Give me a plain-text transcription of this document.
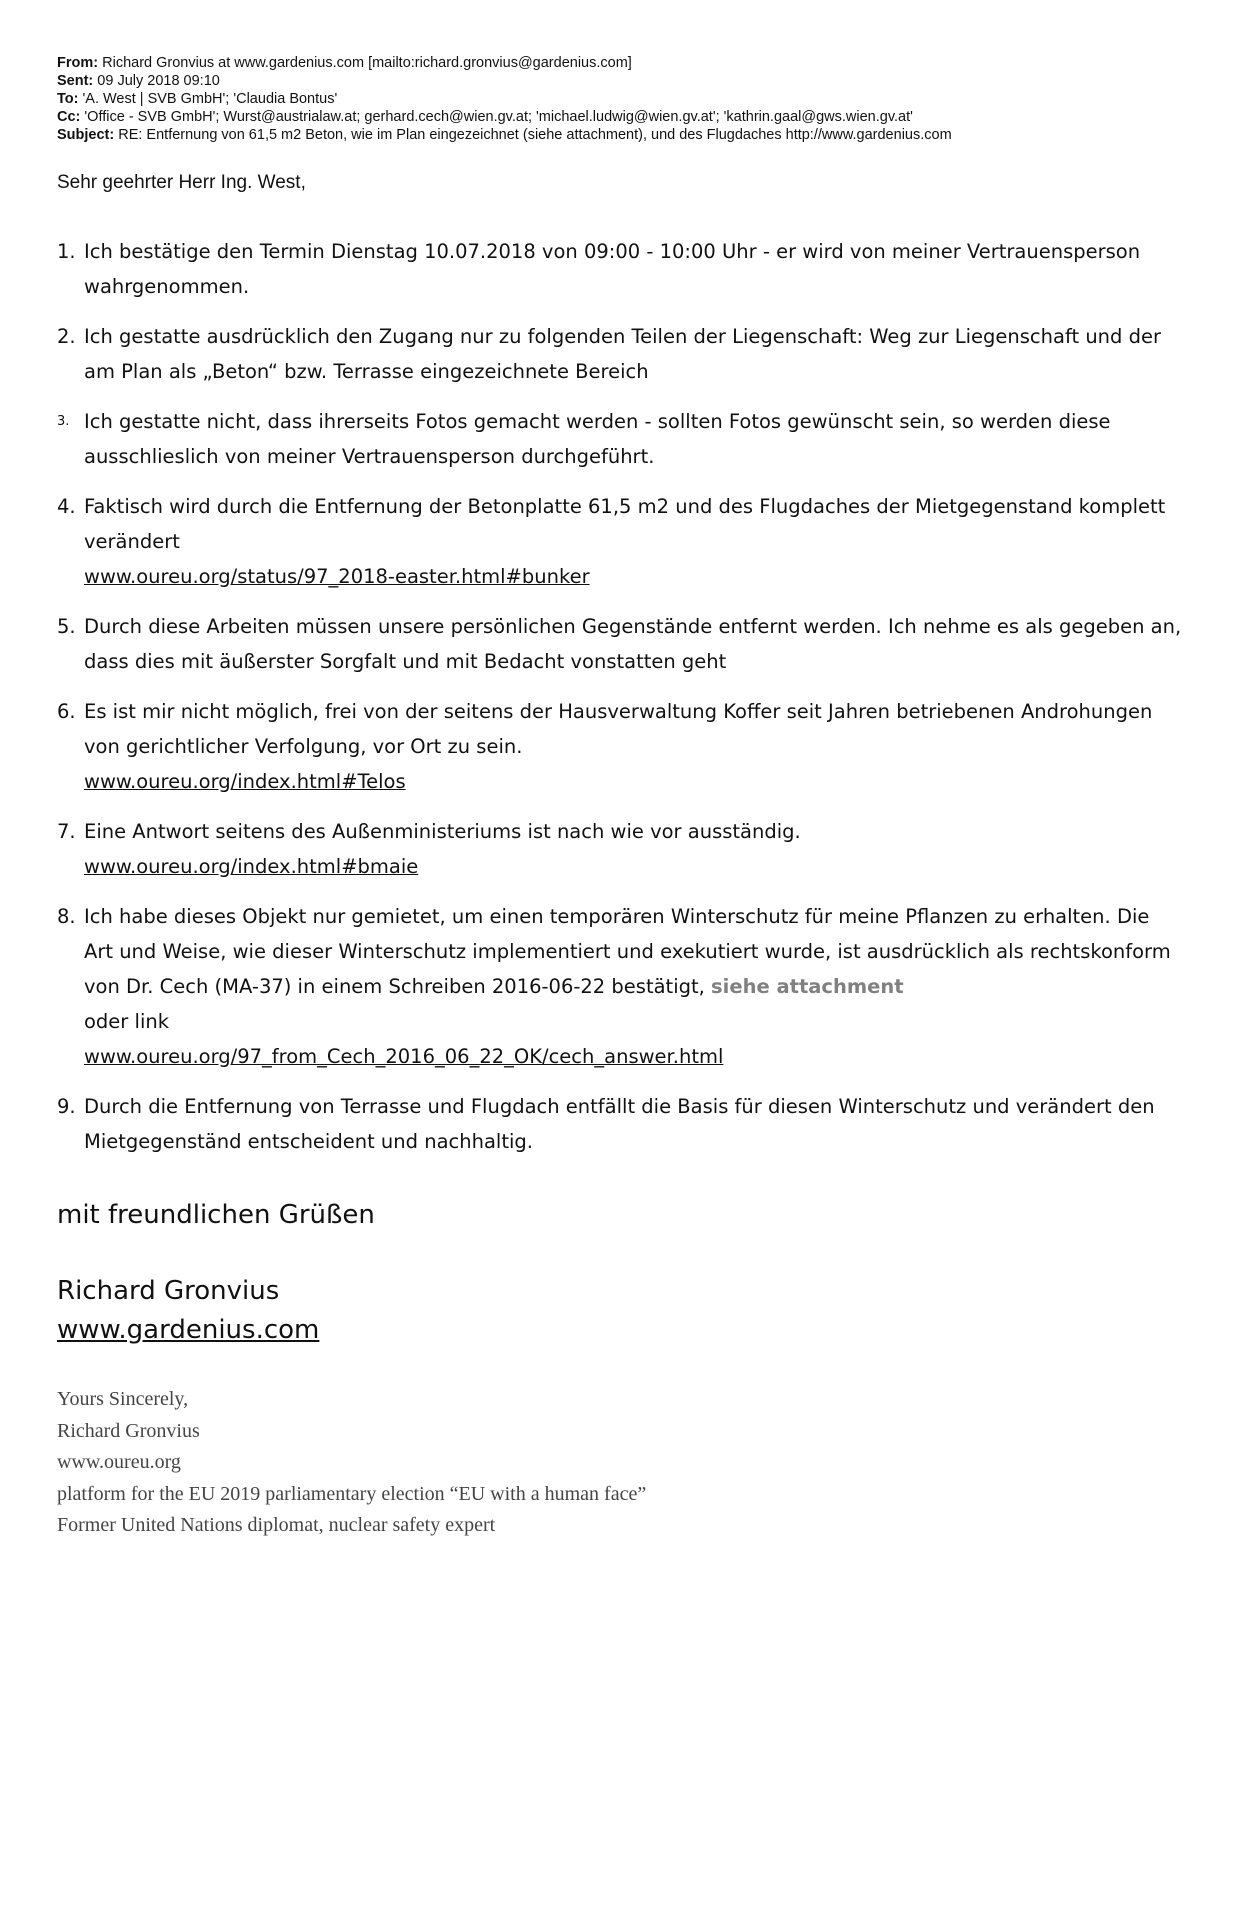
From: Richard Gronvius at www.gardenius.com [mailto:richard.gronvius@gardenius.com]
Sent: 09 July 2018 09:10
To: 'A. West | SVB GmbH'; 'Claudia Bontus'
Cc: 'Office - SVB GmbH'; Wurst@austrialaw.at; gerhard.cech@wien.gv.at; 'michael.ludwig@wien.gv.at'; 'kathrin.gaal@gws.wien.gv.at'
Subject: RE: Entfernung von 61,5 m2 Beton, wie im Plan eingezeichnet (siehe attachment), und des Flugdaches http://www.gardenius.com
Sehr geehrter Herr Ing. West,
1. Ich bestätige den Termin Dienstag 10.07.2018 von 09:00 - 10:00 Uhr - er wird von meiner Vertrauensperson wahrgenommen.
2. Ich gestatte ausdrücklich den Zugang nur zu folgenden Teilen der Liegenschaft: Weg zur Liegenschaft und der am Plan als „Beton“ bzw. Terrasse eingezeichnete Bereich
3. Ich gestatte nicht, dass ihrerseits Fotos gemacht werden - sollten Fotos gewünscht sein, so werden diese ausschlieslich von meiner Vertrauensperson durchgeführt.
4. Faktisch wird durch die Entfernung der Betonplatte 61,5 m2 und des Flugdaches der Mietgegenstand komplett verändert
www.oureu.org/status/97_2018-easter.html#bunker
5. Durch diese Arbeiten müssen unsere persönlichen Gegenstände entfernt werden. Ich nehme es als gegeben an, dass dies mit äußerster Sorgfalt und mit Bedacht vonstatten geht
6. Es ist mir nicht möglich, frei von der seitens der Hausverwaltung Koffer seit Jahren betriebenen Androhungen von gerichtlicher Verfolgung, vor Ort zu sein.
www.oureu.org/index.html#Telos
7. Eine Antwort seitens des Außenministeriums ist nach wie vor ausständig.
www.oureu.org/index.html#bmaie
8. Ich habe dieses Objekt nur gemietet, um einen temporären Winterschutz für meine Pflanzen zu erhalten. Die Art und Weise, wie dieser Winterschutz implementiert und exekutiert wurde, ist ausdrücklich als rechtskonform von Dr. Cech (MA-37) in einem Schreiben 2016-06-22 bestätigt, siehe attachment
oder link
www.oureu.org/97_from_Cech_2016_06_22_OK/cech_answer.html
9. Durch die Entfernung von Terrasse und Flugdach entfällt die Basis für diesen Winterschutz und verändert den Mietgegenständ entscheident und nachhaltig.
mit freundlichen Grüßen
Richard Gronvius
www.gardenius.com
Yours Sincerely,
Richard Gronvius
www.oureu.org
platform for the EU 2019 parliamentary election “EU with a human face”
Former United Nations diplomat, nuclear safety expert
